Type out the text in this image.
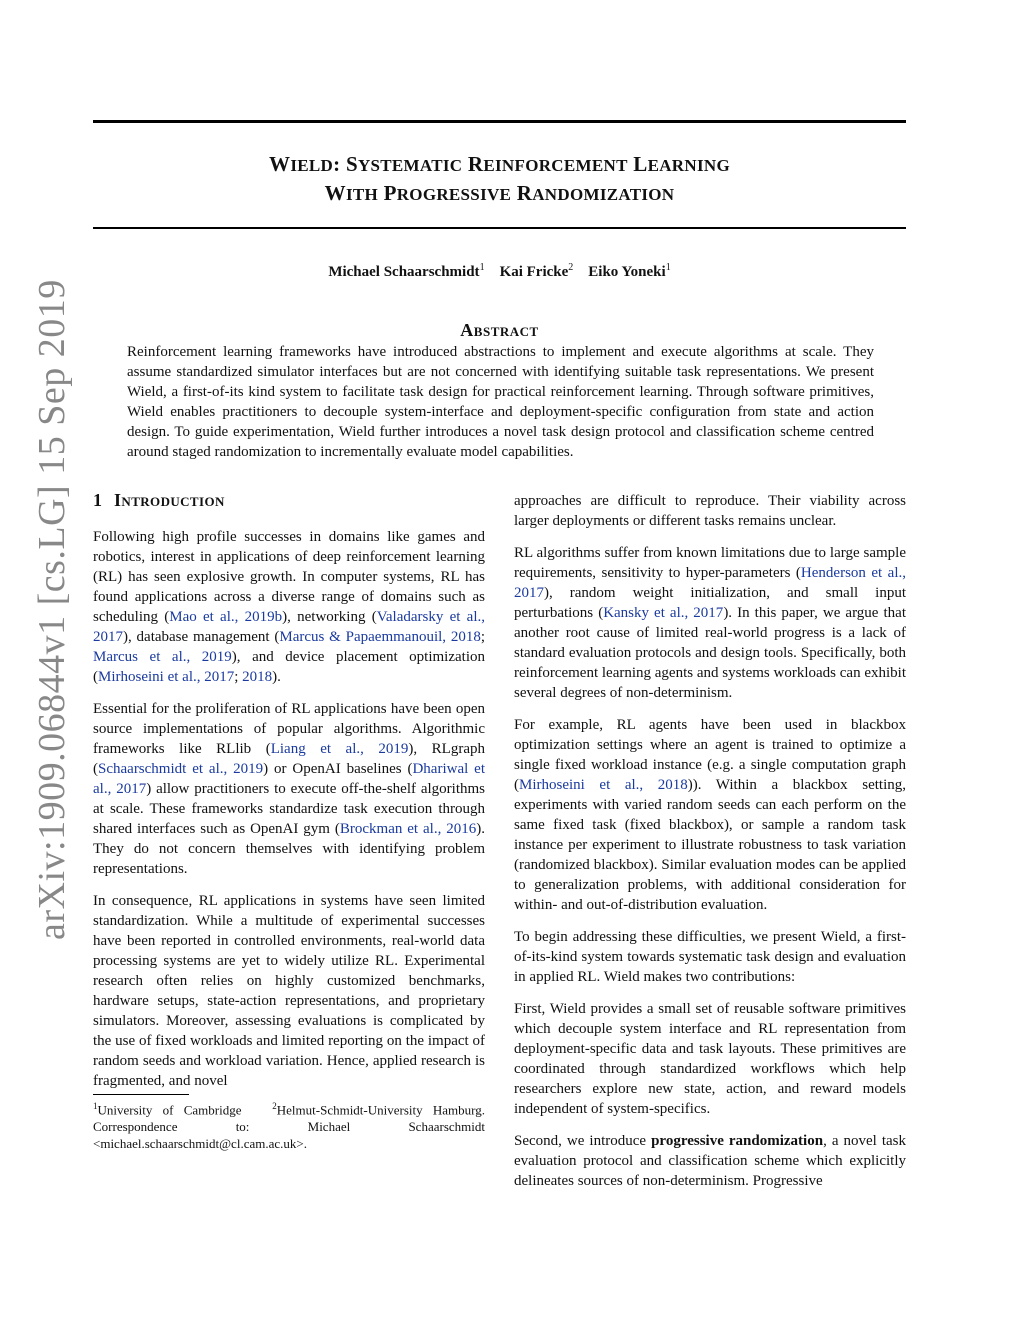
WIELD: SYSTEMATIC REINFORCEMENT LEARNING
WITH PROGRESSIVE RANDOMIZATION
Michael Schaarschmidt$^1$ Kai Fricke$^2$ Eiko Yoneki$^1$
Abstract
Reinforcement learning frameworks have introduced abstractions to implement and execute algorithms at scale. They assume standardized simulator interfaces but are not concerned with identifying suitable task representations. We present Wield, a first-of-its kind system to facilitate task design for practical reinforcement learning. Through software primitives, Wield enables practitioners to decouple system-interface and deployment-specific configuration from state and action design. To guide experimentation, Wield further introduces a novel task design protocol and classification scheme centred around staged randomization to incrementally evaluate model capabilities.
1 Introduction

Following high profile successes in domains like games and robotics, interest in applications of deep reinforcement learning (RL) has seen explosive growth. In computer systems, RL has found applications across a diverse range of domains such as scheduling (Mao et al., 2019b), networking (Valadarsky et al., 2017), database management (Marcus & Papaemmanouil, 2018; Marcus et al., 2019), and device placement optimization (Mirhoseini et al., 2017; 2018).

Essential for the proliferation of RL applications have been open source implementations of popular algorithms. Algorithmic frameworks like RLlib (Liang et al., 2019), RLgraph (Schaarschmidt et al., 2019) or OpenAI baselines (Dhariwal et al., 2017) allow practitioners to execute off-the-shelf algorithms at scale. These frameworks standardize task execution through shared interfaces such as OpenAI gym (Brockman et al., 2016). They do not concern themselves with identifying problem representations.

In consequence, RL applications in systems have seen limited standardization. While a multitude of experimental successes have been reported in controlled environments, real-world data processing systems are yet to widely utilize RL. Experimental research often relies on highly customized benchmarks, hardware setups, state-action representations, and proprietary simulators. Moreover, assessing evaluations is complicated by the use of fixed workloads and limited reporting on the impact of random seeds and workload variation. Hence, applied research is fragmented, and novel

$^1$University of Cambridge	$^2$Helmut-Schmidt-University Hamburg. Correspondence to: Michael Schaarschmidt <michael.schaarschmidt@cl.cam.ac.uk>.

approaches are difficult to reproduce. Their viability across larger deployments or different tasks remains unclear.

RL algorithms suffer from known limitations due to large sample requirements, sensitivity to hyper-parameters (Henderson et al., 2017), random weight initialization, and small input perturbations (Kansky et al., 2017). In this paper, we argue that another root cause of limited real-world progress is a lack of standard evaluation protocols and design tools. Specifically, both reinforcement learning agents and systems workloads can exhibit several degrees of non-determinism.

For example, RL agents have been used in blackbox optimization settings where an agent is trained to optimize a single fixed workload instance (e.g. a single computation graph (Mirhoseini et al., 2018)). Within a blackbox setting, experiments with varied random seeds can each perform on the same fixed task (fixed blackbox), or sample a random task instance per experiment to illustrate robustness to task variation (randomized blackbox). Similar evaluation modes can be applied to generalization problems, with additional consideration for within- and out-of-distribution evaluation.

To begin addressing these difficulties, we present Wield, a first-of-its-kind system towards systematic task design and evaluation in applied RL. Wield makes two contributions:

First, Wield provides a small set of reusable software primitives which decouple system interface and RL representation from deployment-specific data and task layouts. These primitives are coordinated through standardized workflows which help researchers explore new state, action, and reward models independent of system-specifics.

Second, we introduce progressive randomization, a novel task evaluation protocol and classification scheme which explicitly delineates sources of non-determinism. Progressive

arXiv:1909.06844v1 [cs.LG] 15 Sep 2019
